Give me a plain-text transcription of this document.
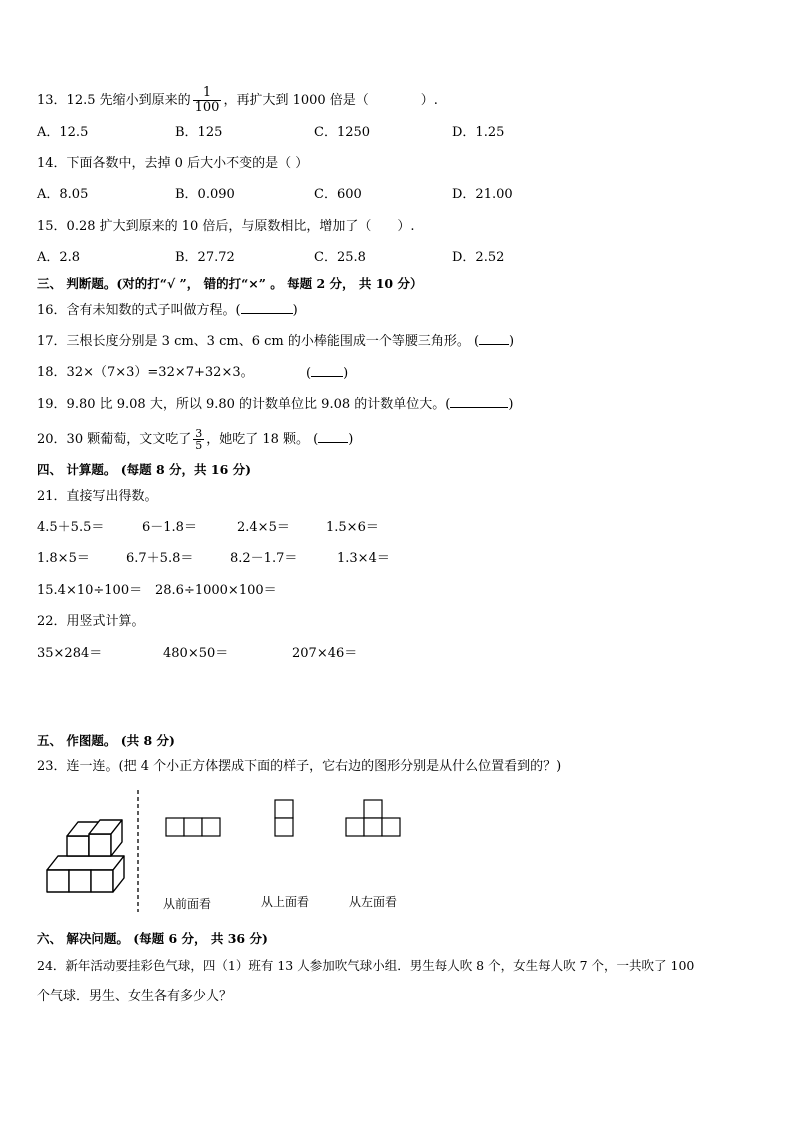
13．12.5 先缩小到原来的 $\frac{1}{100}$ ，再扩大到 1000 倍是（　　　　）.
A．12.5	B．125	C．1250	D．1.25
14．下面各数中，去掉 0 后大小不变的是（ ）
A．8.05	B．0.090	C．600	D．21.00
15．0.28 扩大到原来的 10 倍后，与原数相比，增加了（　　）.
A．2.8	B．27.72	C．25.8	D．2.52
三、 判断题。(对的打“√ ”， 错的打“×” 。 每题 2 分， 共 10 分）
16．含有未知数的式子叫做方程。(	)
17．三根长度分别是 3 cm、3 cm、6 cm 的小棒能围成一个等腰三角形。 ( )
18．32×（7×3）=32×7+32×3。	( )
19．9.80 比 9.08 大，所以 9.80 的计数单位比 9.08 的计数单位大。(	)
20．30 颗葡萄，文文吃了 $\frac{3}{5}$ ，她吃了 18 颗。 ( )
四、 计算题。 (每题 8 分，共 16 分)
21．直接写出得数。
4.5＋5.5＝	6－1.8＝	2.4×5＝	1.5×6＝
1.8×5＝	6.7＋5.8＝	8.2－1.7＝	1.3×4＝
15.4×10÷100＝ 28.6÷1000×100＝
22．用竖式计算。
35×284＝	480×50＝	207×46＝
五、 作图题。 (共 8 分)
23．连一连。(把 4 个小正方体摆成下面的样子，它右边的图形分别是从什么位置看到的？)
从前面看	从上面看	从左面看
六、 解决问题。 (每题 6 分， 共 36 分)
24．新年活动要挂彩色气球，四（1）班有 13 人参加吹气球小组．男生每人吹 8 个，女生每人吹 7 个，一共吹了 100
个气球．男生、女生各有多少人？
